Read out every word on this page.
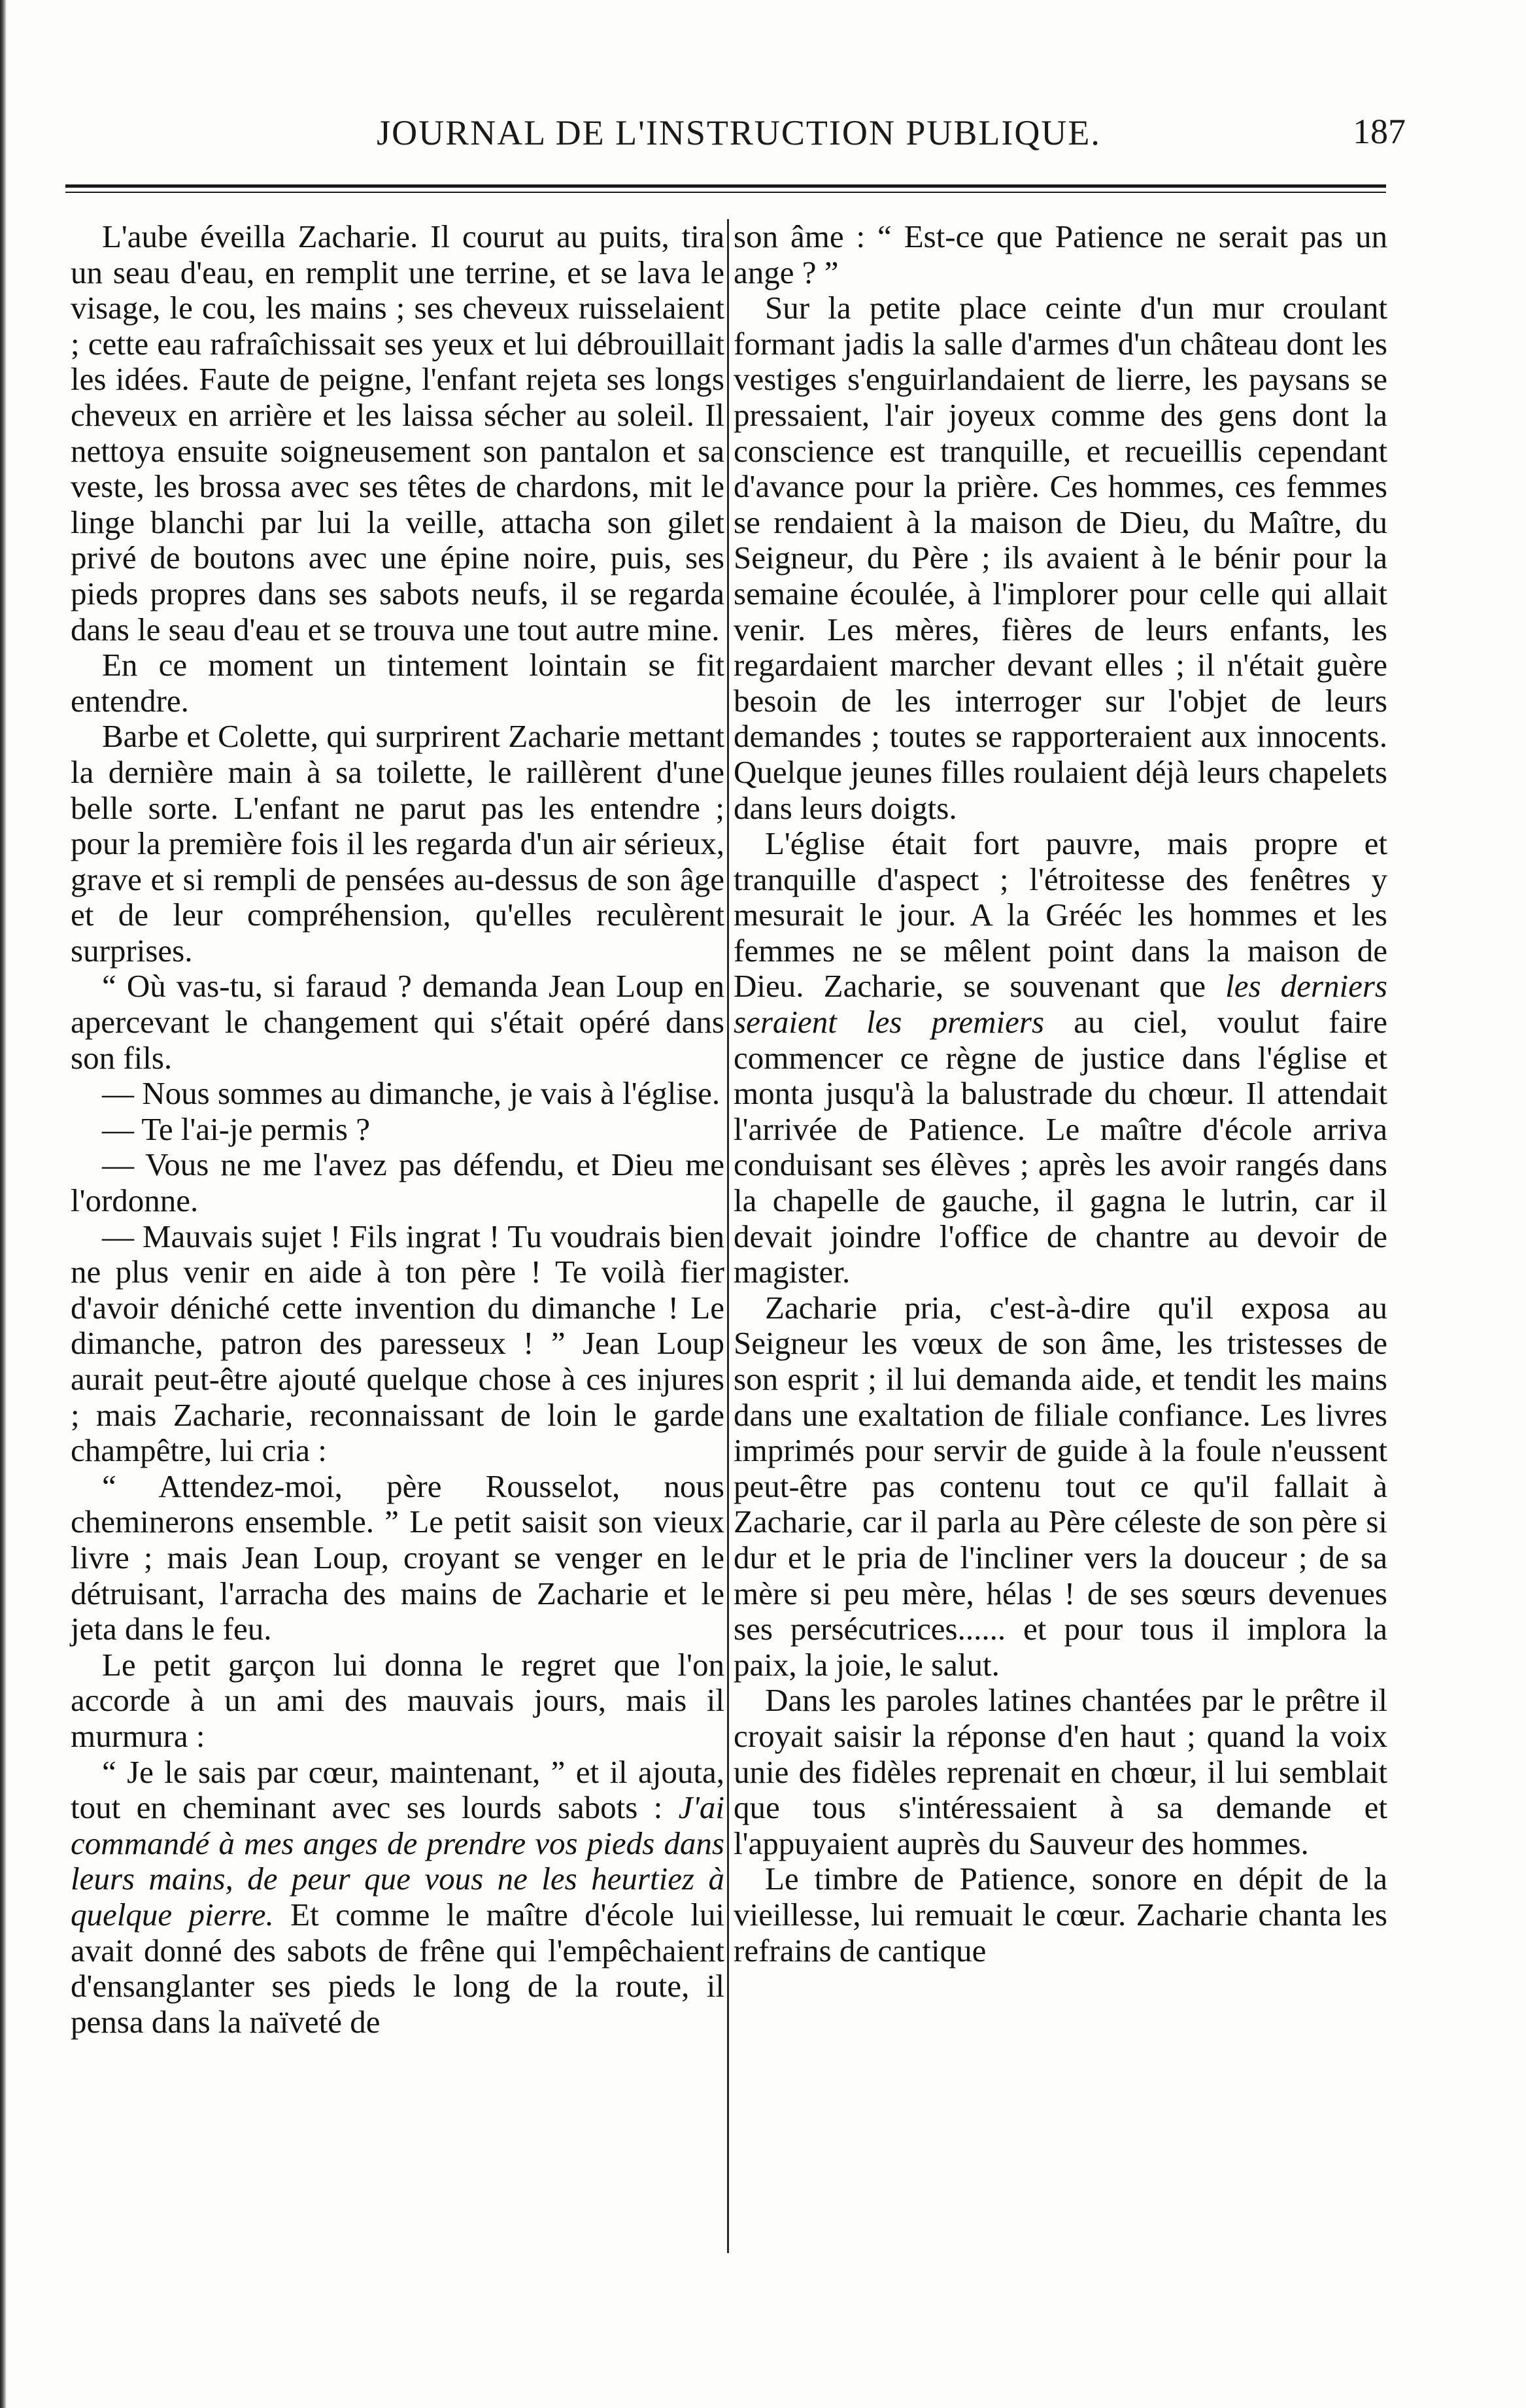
JOURNAL DE L'INSTRUCTION PUBLIQUE.	187

L'aube éveilla Zacharie. Il courut au puits, tira un seau d'eau, en remplit une terrine, et se lava le visage, le cou, les mains ; ses cheveux ruisselaient ; cette eau rafraîchissait ses yeux et lui débrouillait les idées. Faute de peigne, l'enfant rejeta ses longs cheveux en arrière et les laissa sécher au soleil. Il nettoya ensuite soigneusement son pantalon et sa veste, les brossa avec ses têtes de chardons, mit le linge blanchi par lui la veille, attacha son gilet privé de boutons avec une épine noire, puis, ses pieds propres dans ses sabots neufs, il se regarda dans le seau d'eau et se trouva une tout autre mine.

En ce moment un tintement lointain se fit entendre.

Barbe et Colette, qui surprirent Zacharie mettant la dernière main à sa toilette, le raillèrent d'une belle sorte. L'enfant ne parut pas les entendre ; pour la première fois il les regarda d'un air sérieux, grave et si rempli de pensées au-dessus de son âge et de leur compréhension, qu'elles reculèrent surprises.

“ Où vas-tu, si faraud ? demanda Jean Loup en apercevant le changement qui s'était opéré dans son fils.

— Nous sommes au dimanche, je vais à l'église.

— Te l'ai-je permis ?

— Vous ne me l'avez pas défendu, et Dieu me l'ordonne.

— Mauvais sujet ! Fils ingrat ! Tu voudrais bien ne plus venir en aide à ton père ! Te voilà fier d'avoir déniché cette invention du dimanche ! Le dimanche, patron des paresseux ! ” Jean Loup aurait peut-être ajouté quelque chose à ces injures ; mais Zacharie, reconnaissant de loin le garde champêtre, lui cria :

“ Attendez-moi, père Rousselot, nous cheminerons ensemble. ” Le petit saisit son vieux livre ; mais Jean Loup, croyant se venger en le détruisant, l'arracha des mains de Zacharie et le jeta dans le feu.

Le petit garçon lui donna le regret que l'on accorde à un ami des mauvais jours, mais il murmura :

“ Je le sais par cœur, maintenant, ” et il ajouta, tout en cheminant avec ses lourds sabots : J'ai commandé à mes anges de prendre vos pieds dans leurs mains, de peur que vous ne les heurtiez à quelque pierre. Et comme le maître d'école lui avait donné des sabots de frêne qui l'empêchaient d'ensanglanter ses pieds le long de la route, il pensa dans la naïveté de

son âme : “ Est-ce que Patience ne serait pas un ange ? ”

Sur la petite place ceinte d'un mur croulant formant jadis la salle d'armes d'un château dont les vestiges s'enguirlandaient de lierre, les paysans se pressaient, l'air joyeux comme des gens dont la conscience est tranquille, et recueillis cependant d'avance pour la prière. Ces hommes, ces femmes se rendaient à la maison de Dieu, du Maître, du Seigneur, du Père ; ils avaient à le bénir pour la semaine écoulée, à l'implorer pour celle qui allait venir. Les mères, fières de leurs enfants, les regardaient marcher devant elles ; il n'était guère besoin de les interroger sur l'objet de leurs demandes ; toutes se rapporteraient aux innocents. Quelque jeunes filles roulaient déjà leurs chapelets dans leurs doigts.

L'église était fort pauvre, mais propre et tranquille d'aspect ; l'étroitesse des fenêtres y mesurait le jour. A la Grééc les hommes et les femmes ne se mêlent point dans la maison de Dieu. Zacharie, se souvenant que les derniers seraient les premiers au ciel, voulut faire commencer ce règne de justice dans l'église et monta jusqu'à la balustrade du chœur. Il attendait l'arrivée de Patience. Le maître d'école arriva conduisant ses élèves ; après les avoir rangés dans la chapelle de gauche, il gagna le lutrin, car il devait joindre l'office de chantre au devoir de magister.

Zacharie pria, c'est-à-dire qu'il exposa au Seigneur les vœux de son âme, les tristesses de son esprit ; il lui demanda aide, et tendit les mains dans une exaltation de filiale confiance. Les livres imprimés pour servir de guide à la foule n'eussent peut-être pas contenu tout ce qu'il fallait à Zacharie, car il parla au Père céleste de son père si dur et le pria de l'incliner vers la douceur ; de sa mère si peu mère, hélas ! de ses sœurs devenues ses persécutrices...... et pour tous il implora la paix, la joie, le salut.

Dans les paroles latines chantées par le prêtre il croyait saisir la réponse d'en haut ; quand la voix unie des fidèles reprenait en chœur, il lui semblait que tous s'intéressaient à sa demande et l'appuyaient auprès du Sauveur des hommes.

Le timbre de Patience, sonore en dépit de la vieillesse, lui remuait le cœur. Zacharie chanta les refrains de cantique
